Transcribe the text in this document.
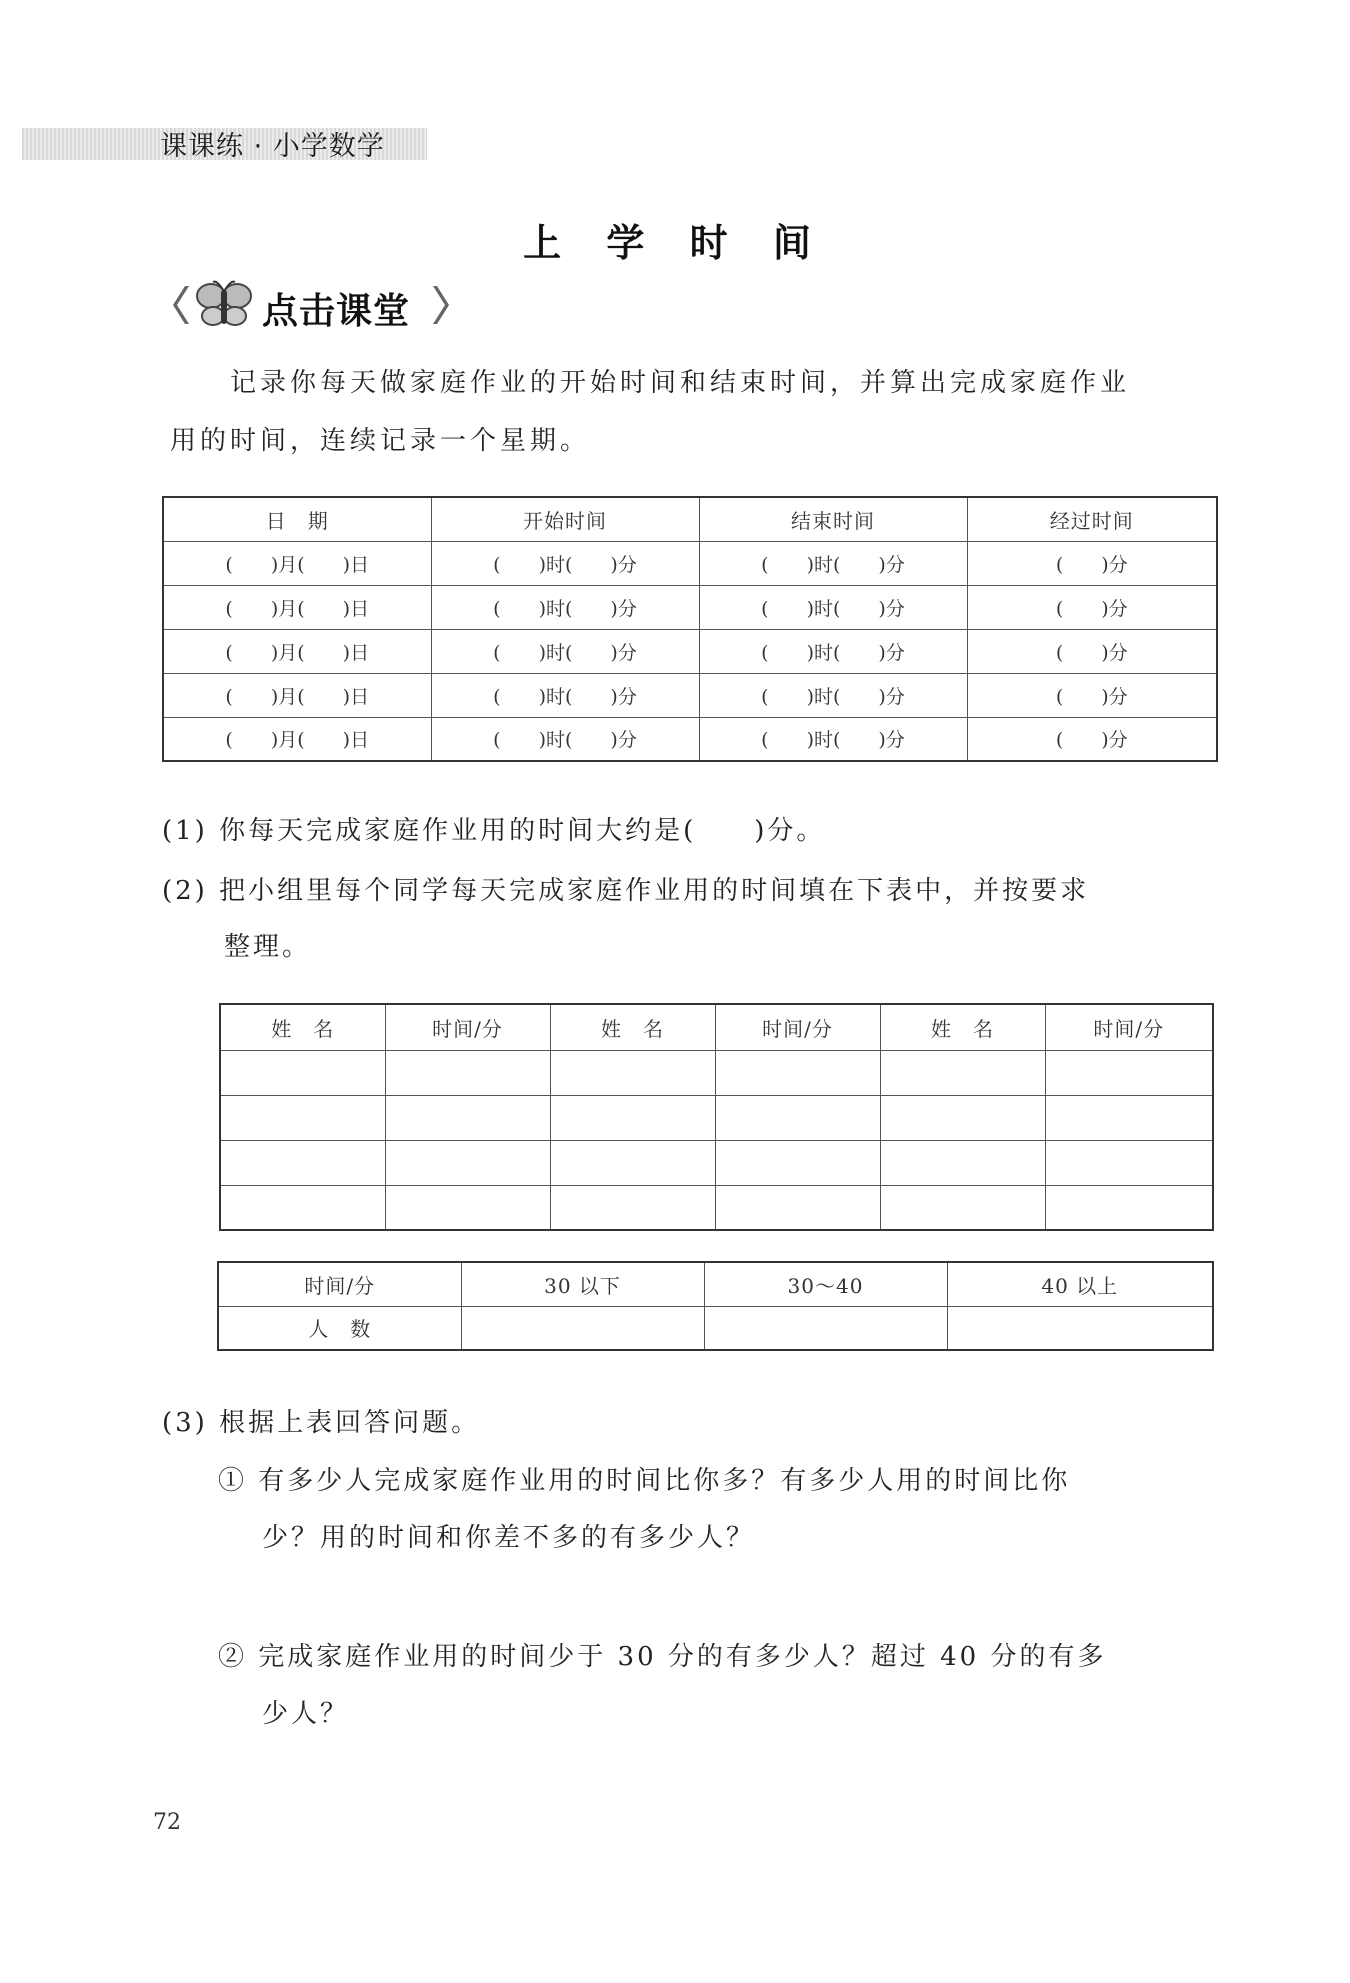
课课练 · 小学数学
上 学 时 间
点击课堂
记录你每天做家庭作业的开始时间和结束时间，并算出完成家庭作业
用的时间，连续记录一个星期。
日　期	开始时间	结束时间	经过时间
(　　)月(　　)日	(　　)时(　　)分	(　　)时(　　)分	(　　)分
(　　)月(　　)日	(　　)时(　　)分	(　　)时(　　)分	(　　)分
(　　)月(　　)日	(　　)时(　　)分	(　　)时(　　)分	(　　)分
(　　)月(　　)日	(　　)时(　　)分	(　　)时(　　)分	(　　)分
(　　)月(　　)日	(　　)时(　　)分	(　　)时(　　)分	(　　)分
(1) 你每天完成家庭作业用的时间大约是(　　)分。
(2) 把小组里每个同学每天完成家庭作业用的时间填在下表中，并按要求
整理。
姓　名	时间/分	姓　名	时间/分	姓　名	时间/分

时间/分	30 以下	30～40	40 以上
人　数			
(3) 根据上表回答问题。
① 有多少人完成家庭作业用的时间比你多？有多少人用的时间比你
少？用的时间和你差不多的有多少人？
② 完成家庭作业用的时间少于 30 分的有多少人？超过 40 分的有多
少人？
72
